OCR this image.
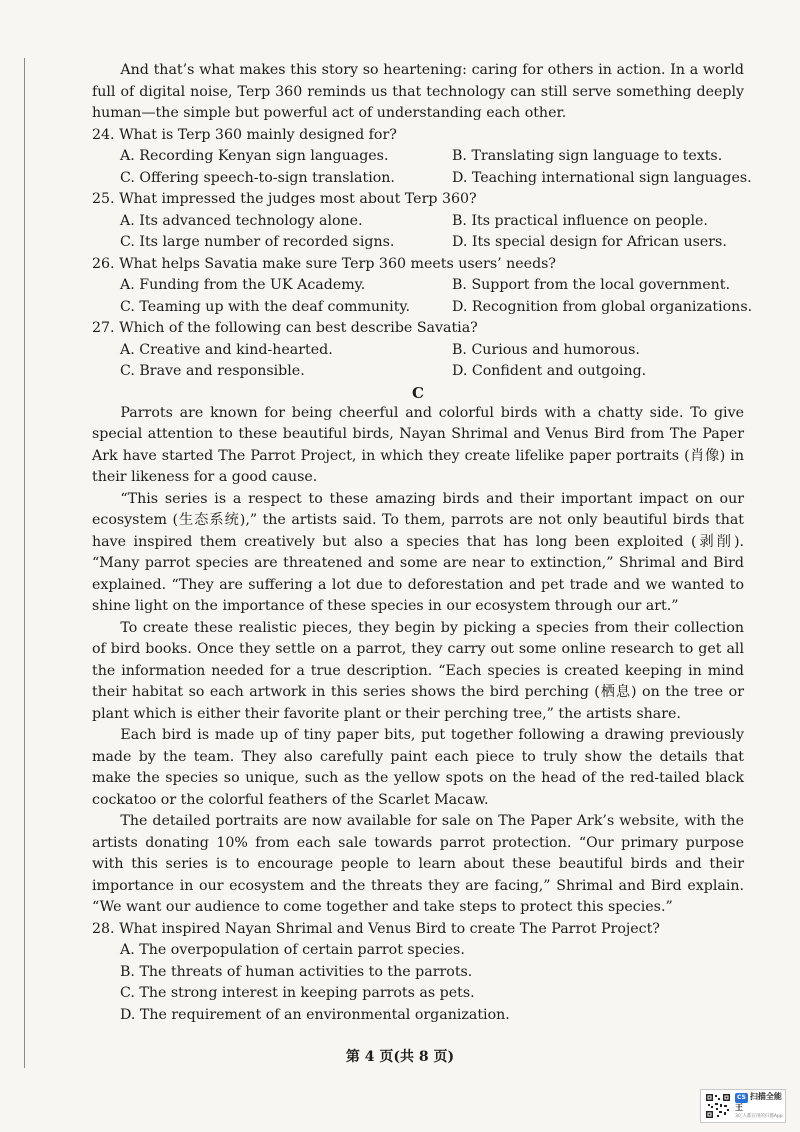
And that’s what makes this story so heartening: caring for others in action. In a world full of digital noise, Terp 360 reminds us that technology can still serve something deeply human—the simple but powerful act of understanding each other.

24. What is Terp 360 mainly designed for?

A. Recording Kenyan sign languages.	B. Translating sign language to texts.

C. Offering speech-to-sign translation.	D. Teaching international sign languages.

25. What impressed the judges most about Terp 360?

A. Its advanced technology alone.	B. Its practical influence on people.

C. Its large number of recorded signs.	D. Its special design for African users.

26. What helps Savatia make sure Terp 360 meets users’ needs?

A. Funding from the UK Academy.	B. Support from the local government.

C. Teaming up with the deaf community.	D. Recognition from global organizations.

27. Which of the following can best describe Savatia?

A. Creative and kind-hearted.	B. Curious and humorous.

C. Brave and responsible.	D. Confident and outgoing.

C

Parrots are known for being cheerful and colorful birds with a chatty side. To give special attention to these beautiful birds, Nayan Shrimal and Venus Bird from The Paper Ark have started The Parrot Project, in which they create lifelike paper portraits (肖像) in their likeness for a good cause.

“This series is a respect to these amazing birds and their important impact on our ecosystem (生态系统),” the artists said. To them, parrots are not only beautiful birds that have inspired them creatively but also a species that has long been exploited (剥削). “Many parrot species are threatened and some are near to extinction,” Shrimal and Bird explained. “They are suffering a lot due to deforestation and pet trade and we wanted to shine light on the importance of these species in our ecosystem through our art.”

To create these realistic pieces, they begin by picking a species from their collection of bird books. Once they settle on a parrot, they carry out some online research to get all the information needed for a true description. “Each species is created keeping in mind their habitat so each artwork in this series shows the bird perching (栖息) on the tree or plant which is either their favorite plant or their perching tree,” the artists share.

Each bird is made up of tiny paper bits, put together following a drawing previously made by the team. They also carefully paint each piece to truly show the details that make the species so unique, such as the yellow spots on the head of the red-tailed black cockatoo or the colorful feathers of the Scarlet Macaw.

The detailed portraits are now available for sale on The Paper Ark’s website, with the artists donating 10% from each sale towards parrot protection. “Our primary purpose with this series is to encourage people to learn about these beautiful birds and their importance in our ecosystem and the threats they are facing,” Shrimal and Bird explain. “We want our audience to come together and take steps to protect this species.”

28. What inspired Nayan Shrimal and Venus Bird to create The Parrot Project?

A. The overpopulation of certain parrot species.

B. The threats of human activities to the parrots.

C. The strong interest in keeping parrots as pets.

D. The requirement of an environmental organization.

第 4 页(共 8 页)
CS 扫描全能王
3亿人都在用的扫描App
